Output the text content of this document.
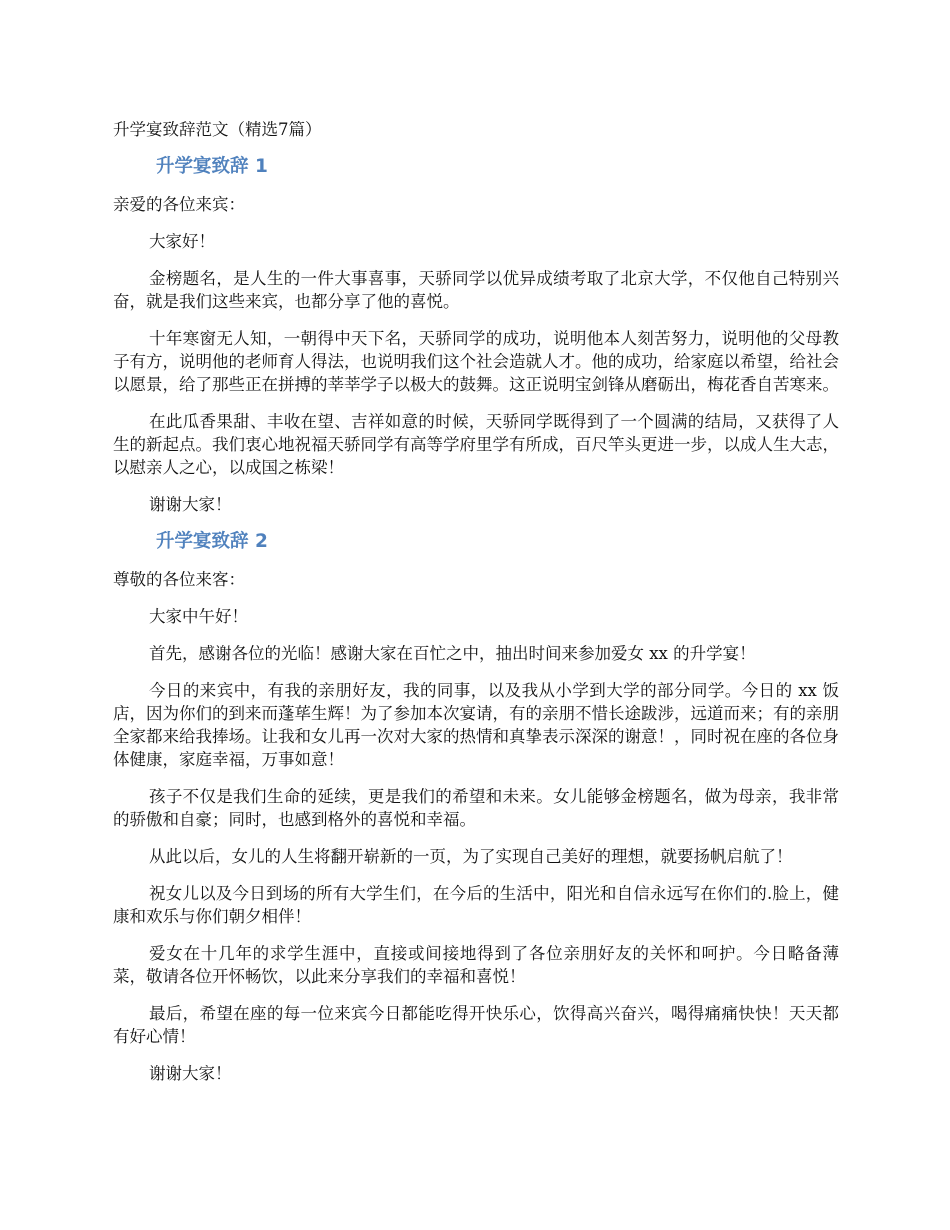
升学宴致辞范文（精选7篇）

升学宴致辞 1

亲爱的各位来宾：

大家好！

金榜题名，是人生的一件大事喜事，天骄同学以优异成绩考取了北京大学，不仅他自己特别兴奋，就是我们这些来宾，也都分享了他的喜悦。

十年寒窗无人知，一朝得中天下名，天骄同学的成功，说明他本人刻苦努力，说明他的父母教子有方，说明他的老师育人得法，也说明我们这个社会造就人才。他的成功，给家庭以希望，给社会以愿景，给了那些正在拼搏的莘莘学子以极大的鼓舞。这正说明宝剑锋从磨砺出，梅花香自苦寒来。

在此瓜香果甜、丰收在望、吉祥如意的时候，天骄同学既得到了一个圆满的结局，又获得了人生的新起点。我们衷心地祝福天骄同学有高等学府里学有所成，百尺竿头更进一步，以成人生大志，以慰亲人之心，以成国之栋梁！

谢谢大家！

升学宴致辞 2

尊敬的各位来客：

大家中午好！

首先，感谢各位的光临！感谢大家在百忙之中，抽出时间来参加爱女 xx 的升学宴！

今日的来宾中，有我的亲朋好友，我的同事，以及我从小学到大学的部分同学。今日的 xx 饭店，因为你们的到来而蓬荜生辉！为了参加本次宴请，有的亲朋不惜长途跋涉，远道而来；有的亲朋全家都来给我捧场。让我和女儿再一次对大家的热情和真挚表示深深的谢意！，同时祝在座的各位身体健康，家庭幸福，万事如意！

孩子不仅是我们生命的延续，更是我们的希望和未来。女儿能够金榜题名，做为母亲，我非常的骄傲和自豪；同时，也感到格外的喜悦和幸福。

从此以后，女儿的人生将翻开崭新的一页，为了实现自己美好的理想，就要扬帆启航了！

祝女儿以及今日到场的所有大学生们，在今后的生活中，阳光和自信永远写在你们的.脸上，健康和欢乐与你们朝夕相伴！

爱女在十几年的求学生涯中，直接或间接地得到了各位亲朋好友的关怀和呵护。今日略备薄菜，敬请各位开怀畅饮，以此来分享我们的幸福和喜悦！

最后，希望在座的每一位来宾今日都能吃得开快乐心，饮得高兴奋兴，喝得痛痛快快！天天都有好心情！

谢谢大家！
